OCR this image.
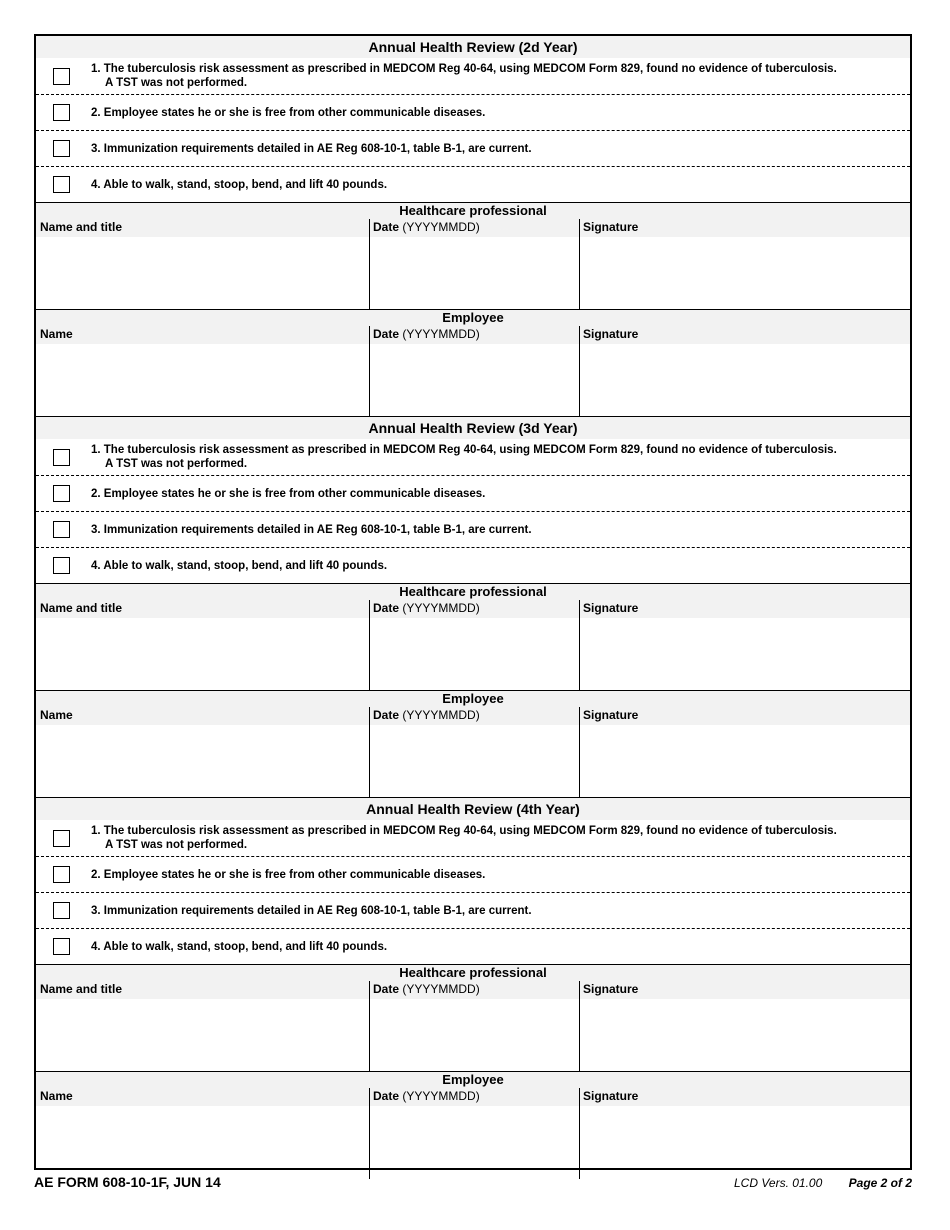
Annual Health Review (2d Year)
1. The tuberculosis risk assessment as prescribed in MEDCOM Reg 40-64, using MEDCOM Form 829, found no evidence of tuberculosis.
A TST was not performed.
2. Employee states he or she is free from other communicable diseases.
3. Immunization requirements detailed in AE Reg 608-10-1, table B-1, are current.
4. Able to walk, stand, stoop, bend, and lift 40 pounds.
Healthcare professional
Name and title	Date (YYYYMMDD)	Signature
Employee
Name	Date (YYYYMMDD)	Signature
Annual Health Review (3d Year)
1. The tuberculosis risk assessment as prescribed in MEDCOM Reg 40-64, using MEDCOM Form 829, found no evidence of tuberculosis.
A TST was not performed.
2. Employee states he or she is free from other communicable diseases.
3. Immunization requirements detailed in AE Reg 608-10-1, table B-1, are current.
4. Able to walk, stand, stoop, bend, and lift 40 pounds.
Healthcare professional
Name and title	Date (YYYYMMDD)	Signature
Employee
Name	Date (YYYYMMDD)	Signature
Annual Health Review (4th Year)
1. The tuberculosis risk assessment as prescribed in MEDCOM Reg 40-64, using MEDCOM Form 829, found no evidence of tuberculosis.
A TST was not performed.
2. Employee states he or she is free from other communicable diseases.
3. Immunization requirements detailed in AE Reg 608-10-1, table B-1, are current.
4. Able to walk, stand, stoop, bend, and lift 40 pounds.
Healthcare professional
Name and title	Date (YYYYMMDD)	Signature
Employee
Name	Date (YYYYMMDD)	Signature
AE FORM 608-10-1F, JUN 14	LCD Vers. 01.00 Page 2 of 2
